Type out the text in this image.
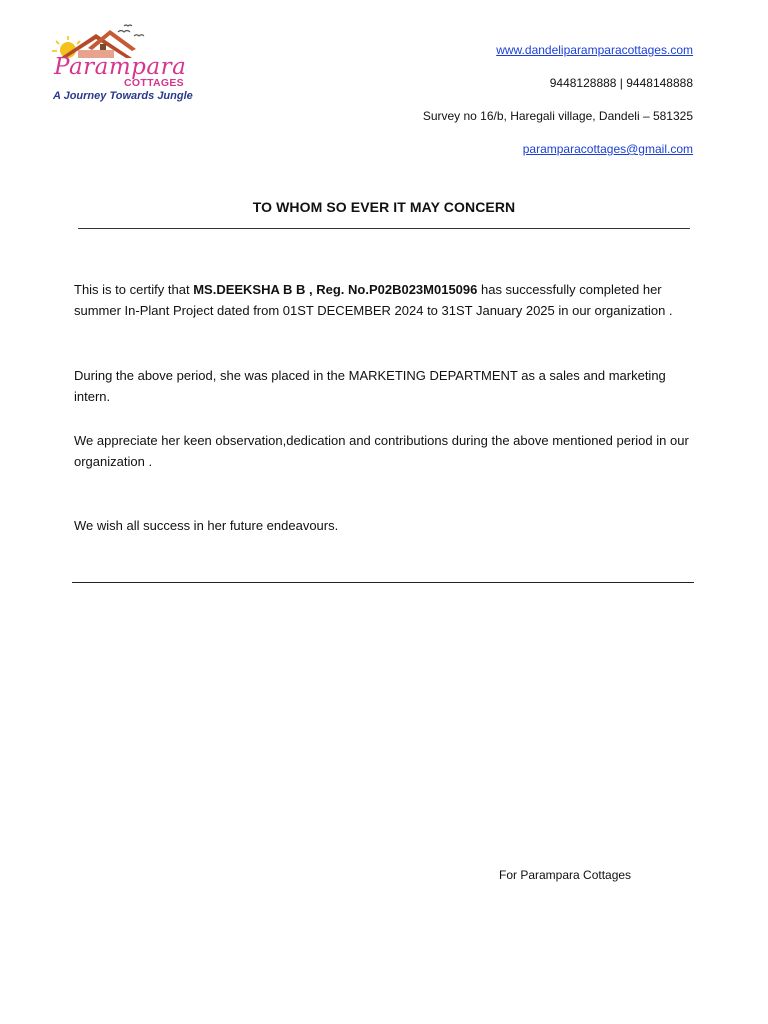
Parampara
COTTAGES
A Journey Towards Jungle
www.dandeliparamparacottages.com
9448128888 | 9448148888
Survey no 16/b, Haregali village, Dandeli – 581325
paramparacottages@gmail.com
TO WHOM SO EVER IT MAY CONCERN
This is to certify that MS.DEEKSHA B B , Reg. No.P02B023M015096 has successfully completed her summer In-Plant Project dated from 01ST DECEMBER 2024 to 31ST January 2025 in our organization .
During the above period, she was placed in the MARKETING DEPARTMENT as a sales and marketing intern.
We appreciate her keen observation,dedication and contributions during the above mentioned period in our organization .
We wish all success in her future endeavours.
For Parampara Cottages
